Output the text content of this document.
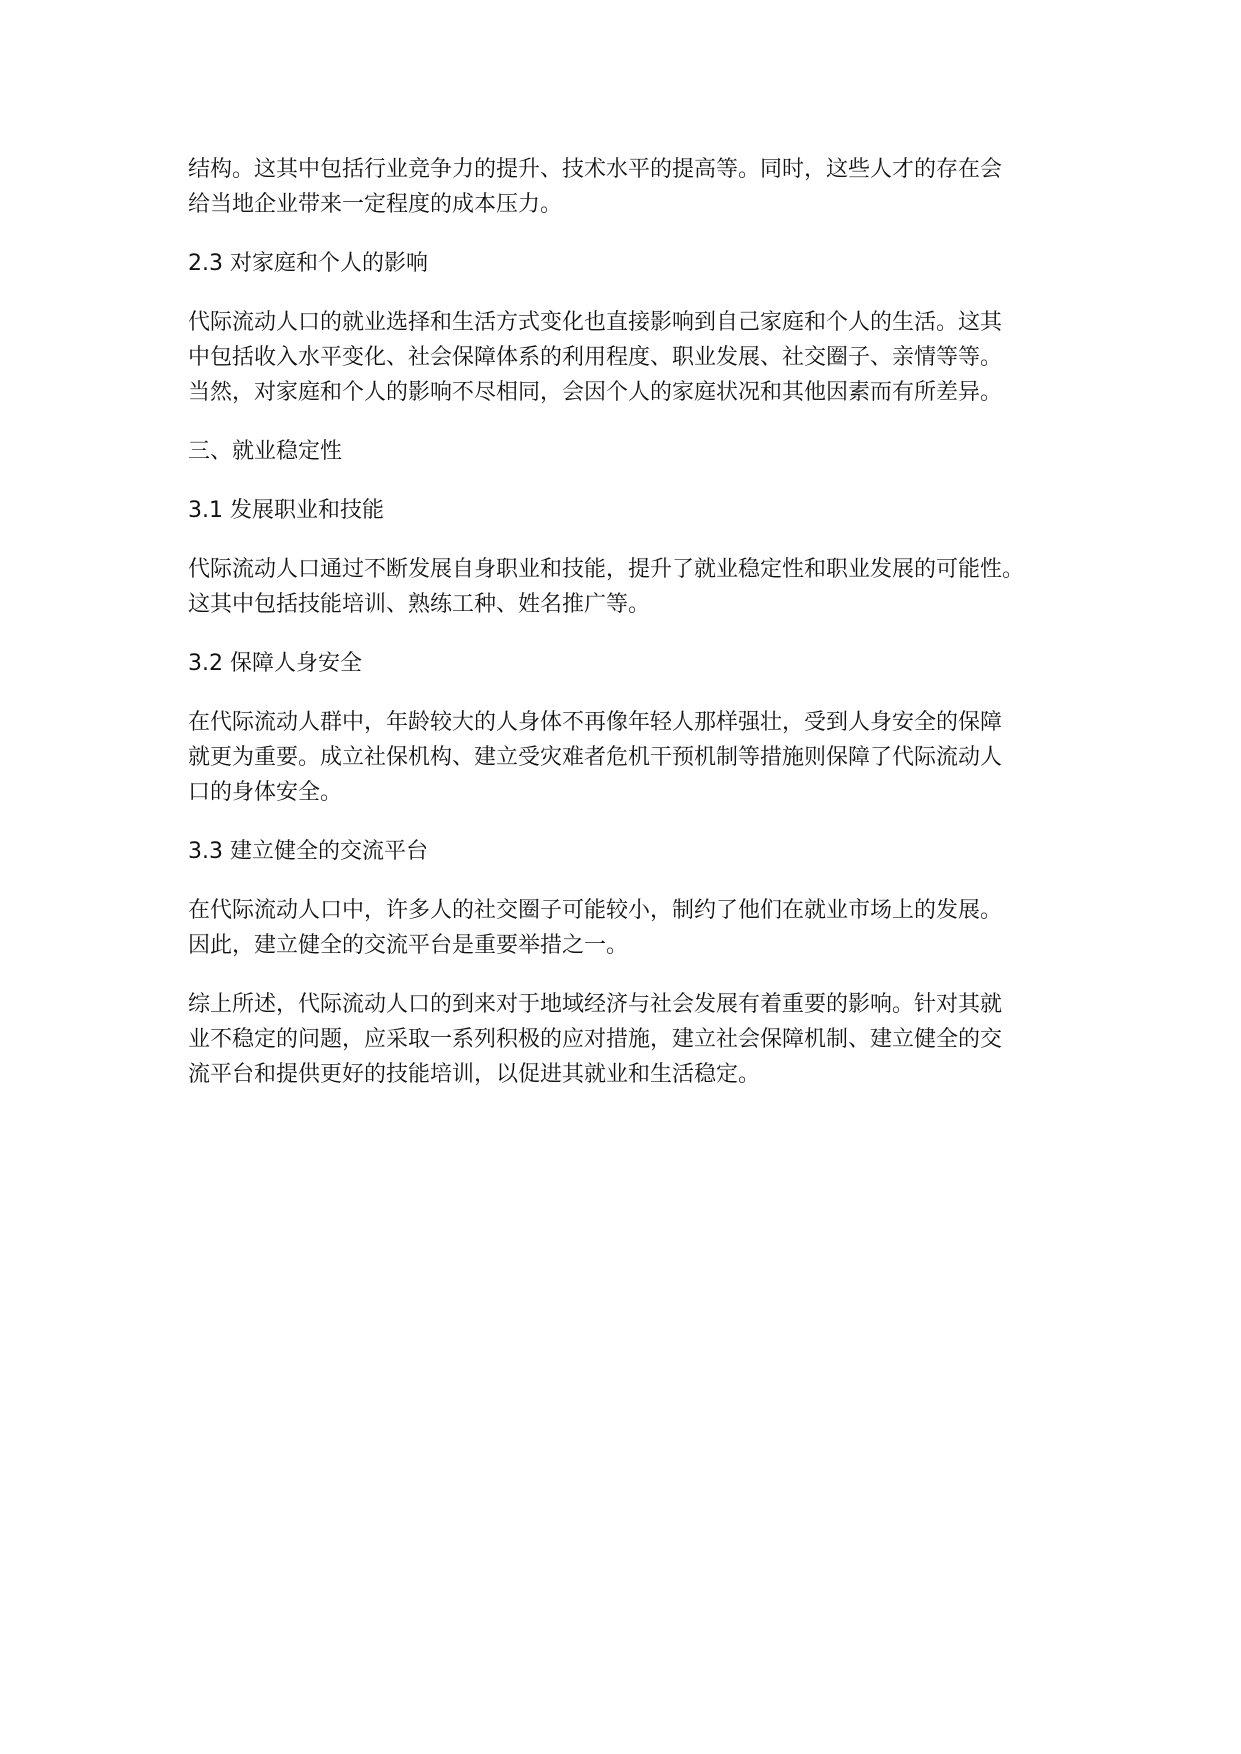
结构。这其中包括行业竞争力的提升、技术水平的提高等。同时，这些人才的存在会
给当地企业带来一定程度的成本压力。
2.3 对家庭和个人的影响
代际流动人口的就业选择和生活方式变化也直接影响到自己家庭和个人的生活。这其
中包括收入水平变化、社会保障体系的利用程度、职业发展、社交圈子、亲情等等。
当然，对家庭和个人的影响不尽相同，会因个人的家庭状况和其他因素而有所差异。
三、就业稳定性
3.1 发展职业和技能
代际流动人口通过不断发展自身职业和技能，提升了就业稳定性和职业发展的可能性。
这其中包括技能培训、熟练工种、姓名推广等。
3.2 保障人身安全
在代际流动人群中，年龄较大的人身体不再像年轻人那样强壮，受到人身安全的保障
就更为重要。成立社保机构、建立受灾难者危机干预机制等措施则保障了代际流动人
口的身体安全。
3.3 建立健全的交流平台
在代际流动人口中，许多人的社交圈子可能较小，制约了他们在就业市场上的发展。
因此，建立健全的交流平台是重要举措之一。
综上所述，代际流动人口的到来对于地域经济与社会发展有着重要的影响。针对其就
业不稳定的问题，应采取一系列积极的应对措施，建立社会保障机制、建立健全的交
流平台和提供更好的技能培训，以促进其就业和生活稳定。
